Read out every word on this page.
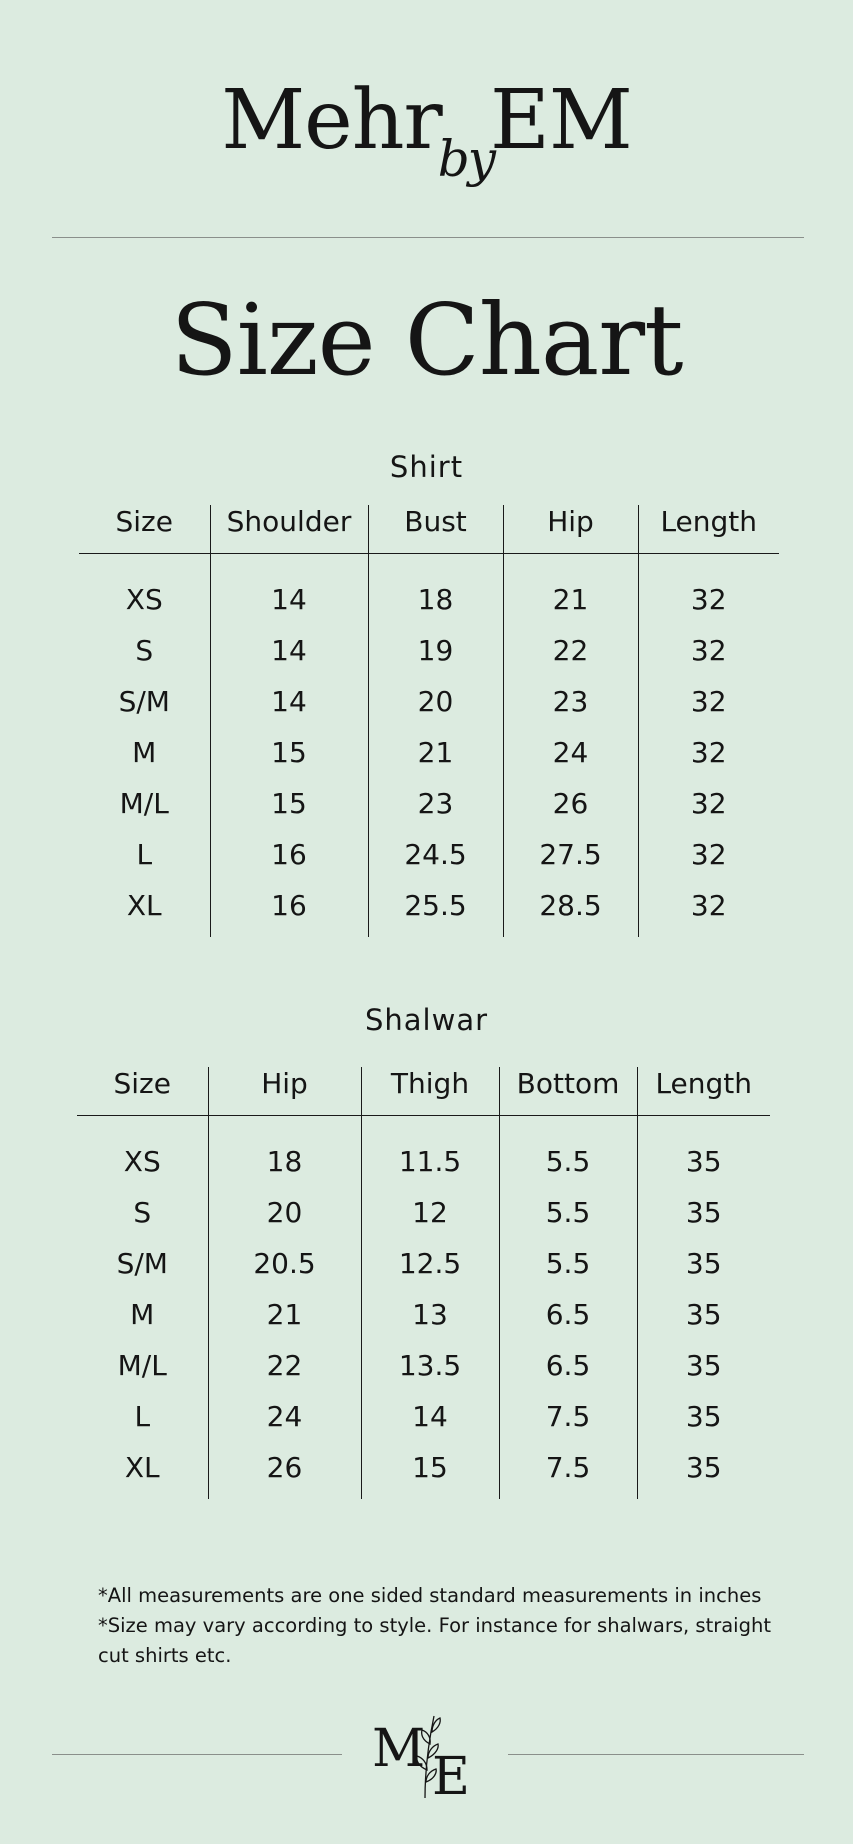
MehrbyEM
Size Chart
Shirt
Size	Shoulder	Bust	Hip	Length
XS	14	18	21	32
S	14	19	22	32
S/M	14	20	23	32
M	15	21	24	32
M/L	15	23	26	32
L	16	24.5	27.5	32
XL	16	25.5	28.5	32
Shalwar
Size	Hip	Thigh	Bottom	Length
XS	18	11.5	5.5	35
S	20	12	5.5	35
S/M	20.5	12.5	5.5	35
M	21	13	6.5	35
M/L	22	13.5	6.5	35
L	24	14	7.5	35
XL	26	15	7.5	35

*All measurements are one sided standard measurements in inches

*Size may vary according to style. For instance for shalwars, straight cut shirts etc.

M E
